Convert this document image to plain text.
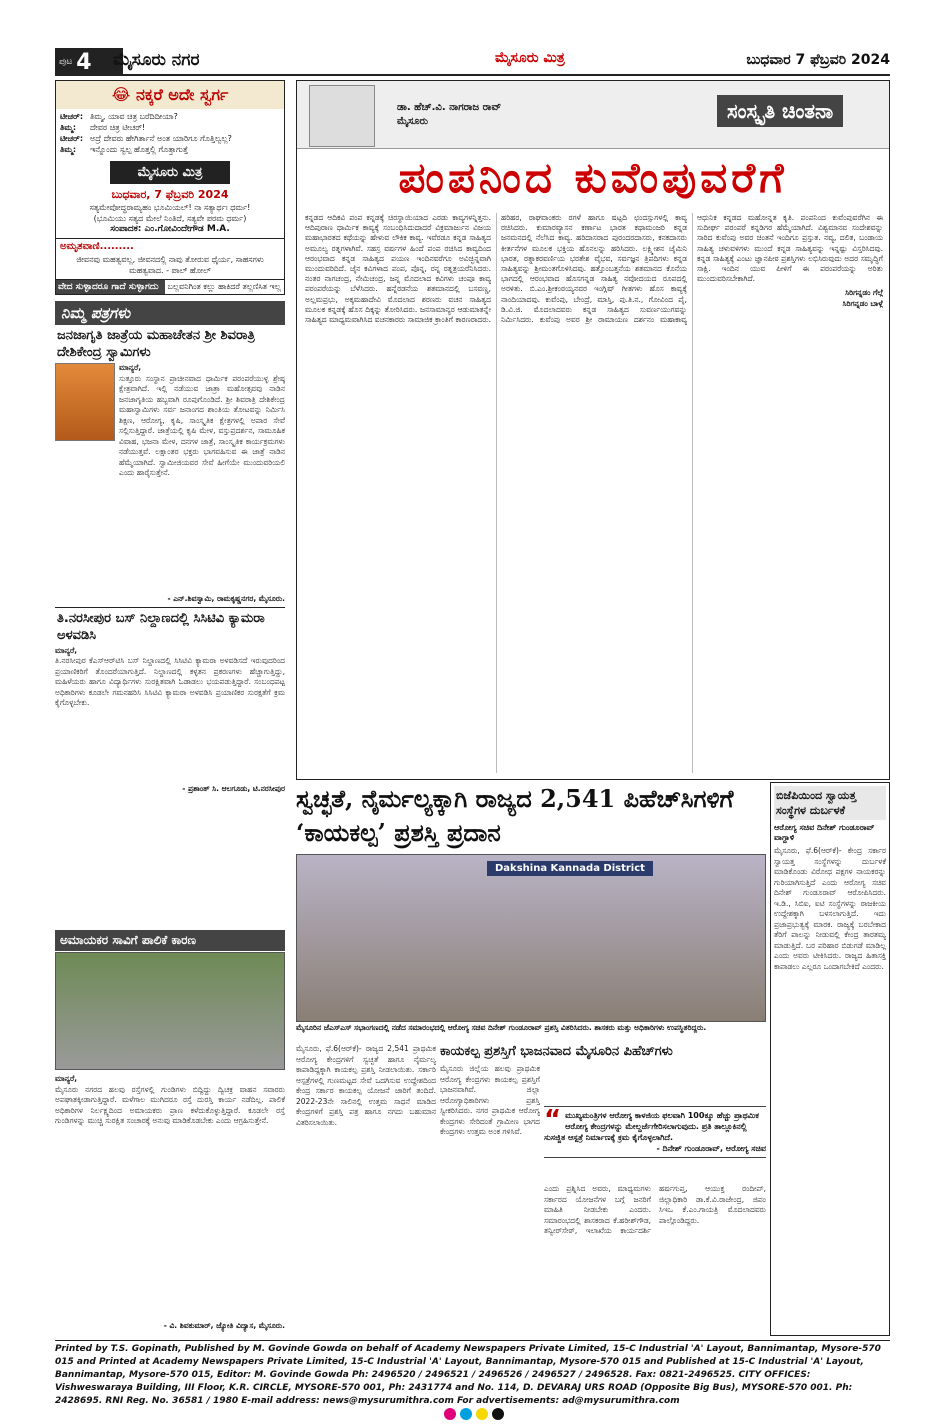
ಪುಟ 4 ಮೈಸೂರು ನಗರ	ಮೈಸೂರು ಮಿತ್ರ	ಬುಧವಾರ 7 ಫೆಬ್ರವರಿ 2024
😂 ನಕ್ಕರೆ ಅದೇ ಸ್ವರ್ಗ
ಟೀಚರ್: ತಿಮ್ಮ, ಯಾವ ಚಿತ್ರ ಬರೆದಿದೀಯಾ?
ತಿಮ್ಮ:	ದೇವರ ಚಿತ್ರ ಟೀಚರ್!
ಟೀಚರ್: ಅದ್ರೆ ದೇವರು ಹೇಗಿರ್ತಾನೆ ಅಂತ ಯಾರಿಗೂ ಗೊತ್ತಿಲ್ವಲ್ಲ?
ತಿಮ್ಮ:	ಇನ್ನೊಂದು ಸ್ವಲ್ಪ ಹೊತ್ತಲ್ಲಿ ಗೊತ್ತಾಗುತ್ತೆ
ಮೈಸೂರು ಮಿತ್ರ
ಬುಧವಾರ, 7 ಫೆಬ್ರವರಿ 2024
ಸತ್ಯಮೇವೋದ್ಧರಾಮ್ಯಹಂ ಭೂಮಿಯಲ್! ನಾ ಸತ್ಯಾರ್ಥಃ ಧರ್ಮ!
(ಭೂಮಿಯು ಸತ್ಯದ ಮೇಲೆ ನಿಂತಿದೆ, ಸತ್ಯವೇ ಪರಮ ಧರ್ಮ)
ಸಂಪಾದಕ: ಎಂ.ಗೋವಿಂದೇಗೌಡ M.A.
ಅಮೃತವಾಣಿ.........
ಜೀವನವು ಮಹತ್ವವಲ್ಲ, ಜೀವನದಲ್ಲಿ ನಾವು ತೋರುವ ಧೈರ್ಯ, ಸಾಹಸಗಳು ಮಹತ್ವವಾದ. - ಪಾಲ್ ಹೋಲ್
ವೇದ ಸುಳ್ಳಾದರೂ ಗಾದೆ ಸುಳ್ಳಾಗದು	ಬಲ್ಲವನಿಗಿಂತ ಕಲ್ಲು ಹಾಕಿದರೆ ತಲ್ಲಣಿಸಿತ ಇಲ್ಲ
ನಿಮ್ಮ ಪತ್ರಗಳು
ಜನಜಾಗೃತಿ ಜಾತ್ರೆಯ ಮಹಾಚೇತನ ಶ್ರೀ ಶಿವರಾತ್ರಿ ದೇಶಿಕೇಂದ್ರ ಸ್ವಾಮಿಗಳು
ಮಾನ್ಯರೆ,
ಸುತ್ತೂರು ಸಂಸ್ಥಾನ ಪ್ರಾಚೀನವಾದ ಧಾರ್ಮಿಕ ಪರಂಪರೆಯುಳ್ಳ ಶ್ರೇಷ್ಠ ಕ್ಷೇತ್ರವಾಗಿದೆ. ಇಲ್ಲಿ ನಡೆಯುವ ಜಾತ್ರಾ ಮಹೋತ್ಸವವು ನಾಡಿನ ಜನಜಾಗೃತಿಯ ಹಬ್ಬವಾಗಿ ರೂಪುಗೊಂಡಿದೆ. ಶ್ರೀ ಶಿವರಾತ್ರಿ ದೇಶಿಕೇಂದ್ರ ಮಹಾಸ್ವಾಮಿಗಳು ಸರ್ವ ಜನಾಂಗದ ಶಾಂತಿಯ ತೋಟವನ್ನು ನಿರ್ಮಿಸಿ ಶಿಕ್ಷಣ, ಆರೋಗ್ಯ, ಕೃಷಿ, ಸಾಂಸ್ಕೃತಿಕ ಕ್ಷೇತ್ರಗಳಲ್ಲಿ ಅಪಾರ ಸೇವೆ ಸಲ್ಲಿಸುತ್ತಿದ್ದಾರೆ. ಜಾತ್ರೆಯಲ್ಲಿ ಕೃಷಿ ಮೇಳ, ವಸ್ತುಪ್ರದರ್ಶನ, ಸಾಮೂಹಿಕ ವಿವಾಹ, ಭಜನಾ ಮೇಳ, ದನಗಳ ಜಾತ್ರೆ, ಸಾಂಸ್ಕೃತಿಕ ಕಾರ್ಯಕ್ರಮಗಳು ನಡೆಯುತ್ತವೆ. ಲಕ್ಷಾಂತರ ಭಕ್ತರು ಭಾಗವಹಿಸುವ ಈ ಜಾತ್ರೆ ನಾಡಿನ ಹೆಮ್ಮೆಯಾಗಿದೆ. ಸ್ವಾಮೀಜಿಯವರ ಸೇವೆ ಹೀಗೆಯೇ ಮುಂದುವರಿಯಲಿ ಎಂದು ಹಾರೈಸುತ್ತೇನೆ.
- ಎನ್.ಶಿವಸ್ವಾಮಿ, ರಾಮಕೃಷ್ಣನಗರ, ಮೈಸೂರು.
ತಿ.ನರಸೀಪುರ ಬಸ್ ನಿಲ್ದಾಣದಲ್ಲಿ ಸಿಸಿಟಿವಿ ಕ್ಯಾಮರಾ ಅಳವಡಿಸಿ
ಮಾನ್ಯರೆ,
ತಿ.ನರಸೀಪುರ ಕೆಎಸ್‌ಆರ್‌ಟಿಸಿ ಬಸ್ ನಿಲ್ದಾಣದಲ್ಲಿ ಸಿಸಿಟಿವಿ ಕ್ಯಾಮರಾ ಅಳವಡಿಸದೆ ಇರುವುದರಿಂದ ಪ್ರಯಾಣಿಕರಿಗೆ ತೊಂದರೆಯಾಗುತ್ತಿದೆ. ನಿಲ್ದಾಣದಲ್ಲಿ ಕಳ್ಳತನ ಪ್ರಕರಣಗಳು ಹೆಚ್ಚಾಗುತ್ತಿದ್ದು, ಮಹಿಳೆಯರು ಹಾಗೂ ವಿದ್ಯಾರ್ಥಿಗಳು ಸುರಕ್ಷಿತವಾಗಿ ಓಡಾಡಲು ಭಯಪಡುತ್ತಿದ್ದಾರೆ. ಸಂಬಂಧಪಟ್ಟ ಅಧಿಕಾರಿಗಳು ಕೂಡಲೇ ಗಮನಹರಿಸಿ ಸಿಸಿಟಿವಿ ಕ್ಯಾಮರಾ ಅಳವಡಿಸಿ ಪ್ರಯಾಣಿಕರ ಸುರಕ್ಷತೆಗೆ ಕ್ರಮ ಕೈಗೊಳ್ಳಬೇಕು.
- ಪ್ರಶಾಂತ್ ಸಿ. ಆಲಗೂಡು, ಟಿ.ನರಸೀಪುರ
ಡಾ. ಹೆಚ್.ವಿ. ನಾಗರಾಜ ರಾವ್
ಮೈಸೂರು	ಸಂಸ್ಕೃತಿ ಚಿಂತನಾ
ಪಂಪನಿಂದ ಕುವೆಂಪುವರೆಗೆ
ಕನ್ನಡದ ಆದಿಕವಿ ಪಂಪ ಕನ್ನಡಕ್ಕೆ ಚಿರಸ್ಥಾಯಿಯಾದ ಎರಡು ಕಾವ್ಯಗಳನ್ನಿತ್ತನು. ಆದಿಪುರಾಣ ಧಾರ್ಮಿಕ ಕಾವ್ಯಕ್ಕೆ ಸಂಬಂಧಿಸಿದುದಾದರೆ ವಿಕ್ರಮಾರ್ಜುನ ವಿಜಯ ಮಹಾಭಾರತದ ಕಥೆಯನ್ನು ಹೇಳುವ ಲೌಕಿಕ ಕಾವ್ಯ. ಇವೆರಡೂ ಕನ್ನಡ ಸಾಹಿತ್ಯದ ಅಮೂಲ್ಯ ರತ್ನಗಳಾಗಿವೆ. ಸಹಸ್ರ ವರ್ಷಗಳ ಹಿಂದೆ ಪಂಪ ರಚಿಸಿದ ಕಾವ್ಯದಿಂದ ಆರಂಭವಾದ ಕನ್ನಡ ಸಾಹಿತ್ಯದ ಪಯಣ ಇಂದಿನವರೆಗೂ ಅವಿಚ್ಛಿನ್ನವಾಗಿ ಮುಂದುವರಿದಿದೆ. ಜೈನ ಕವಿಗಳಾದ ಪಂಪ, ಪೊನ್ನ, ರನ್ನ ರತ್ನತ್ರಯರೆನಿಸಿದರು. ನಂತರ ನಾಗಚಂದ್ರ, ನೇಮಿಚಂದ್ರ, ಜನ್ನ ಮೊದಲಾದ ಕವಿಗಳು ಚಂಪೂ ಕಾವ್ಯ ಪರಂಪರೆಯನ್ನು ಬೆಳೆಸಿದರು. ಹನ್ನೆರಡನೆಯ ಶತಮಾನದಲ್ಲಿ ಬಸವಣ್ಣ, ಅಲ್ಲಮಪ್ರಭು, ಅಕ್ಕಮಹಾದೇವಿ ಮೊದಲಾದ ಶರಣರು ವಚನ ಸಾಹಿತ್ಯದ ಮೂಲಕ ಕನ್ನಡಕ್ಕೆ ಹೊಸ ದಿಕ್ಕನ್ನು ತೋರಿಸಿದರು. ಜನಸಾಮಾನ್ಯರ ಆಡುಮಾತನ್ನೇ ಸಾಹಿತ್ಯದ ಮಾಧ್ಯಮವಾಗಿಸಿದ ವಚನಕಾರರು ಸಾಮಾಜಿಕ ಕ್ರಾಂತಿಗೆ ಕಾರಣರಾದರು. ಹರಿಹರ, ರಾಘವಾಂಕರು ರಗಳೆ ಹಾಗೂ ಷಟ್ಪದಿ ಛಂದಸ್ಸುಗಳಲ್ಲಿ ಕಾವ್ಯ ರಚಿಸಿದರು. ಕುಮಾರವ್ಯಾಸನ ಕರ್ಣಾಟ ಭಾರತ ಕಥಾಮಂಜರಿ ಕನ್ನಡ ಜನಮನದಲ್ಲಿ ನೆಲೆಸಿದ ಕಾವ್ಯ. ಹರಿದಾಸರಾದ ಪುರಂದರದಾಸರು, ಕನಕದಾಸರು ಕೀರ್ತನೆಗಳ ಮೂಲಕ ಭಕ್ತಿಯ ಹೊನಲನ್ನು ಹರಿಸಿದರು. ಲಕ್ಷ್ಮೀಶನ ಜೈಮಿನಿ ಭಾರತ, ರತ್ನಾಕರವರ್ಣಿಯ ಭರತೇಶ ವೈಭವ, ಸರ್ವಜ್ಞನ ತ್ರಿಪದಿಗಳು ಕನ್ನಡ ಸಾಹಿತ್ಯವನ್ನು ಶ್ರೀಮಂತಗೊಳಿಸಿದವು. ಹತ್ತೊಂಬತ್ತನೆಯ ಶತಮಾನದ ಕೊನೆಯ ಭಾಗದಲ್ಲಿ ಆರಂಭವಾದ ಹೊಸಗನ್ನಡ ಸಾಹಿತ್ಯ ನವೋದಯದ ರೂಪದಲ್ಲಿ ಅರಳಿತು. ಬಿ.ಎಂ.ಶ್ರೀಕಂಠಯ್ಯನವರ ಇಂಗ್ಲಿಷ್ ಗೀತಗಳು ಹೊಸ ಕಾವ್ಯಕ್ಕೆ ನಾಂದಿಯಾದವು. ಕುವೆಂಪು, ಬೇಂದ್ರೆ, ಮಾಸ್ತಿ, ಪು.ತಿ.ನ., ಗೋವಿಂದ ಪೈ, ಡಿ.ವಿ.ಜಿ. ಮೊದಲಾದವರು ಕನ್ನಡ ಸಾಹಿತ್ಯದ ಸುವರ್ಣಯುಗವನ್ನು ನಿರ್ಮಿಸಿದರು. ಕುವೆಂಪು ಅವರ ಶ್ರೀ ರಾಮಾಯಣ ದರ್ಶನಂ ಮಹಾಕಾವ್ಯ ಆಧುನಿಕ ಕನ್ನಡದ ಮಹೋನ್ನತ ಕೃತಿ. ಪಂಪನಿಂದ ಕುವೆಂಪುವರೆಗಿನ ಈ ಸುದೀರ್ಘ ಪರಂಪರೆ ಕನ್ನಡಿಗರ ಹೆಮ್ಮೆಯಾಗಿದೆ. ವಿಶ್ವಮಾನವ ಸಂದೇಶವನ್ನು ಸಾರಿದ ಕುವೆಂಪು ಅವರ ಚಿಂತನೆ ಇಂದಿಗೂ ಪ್ರಸ್ತುತ. ನವ್ಯ, ದಲಿತ, ಬಂಡಾಯ ಸಾಹಿತ್ಯ ಚಳುವಳಿಗಳು ಮುಂದೆ ಕನ್ನಡ ಸಾಹಿತ್ಯವನ್ನು ಇನ್ನಷ್ಟು ವಿಸ್ತರಿಸಿದವು. ಕನ್ನಡ ಸಾಹಿತ್ಯಕ್ಕೆ ಎಂಟು ಜ್ಞಾನಪೀಠ ಪ್ರಶಸ್ತಿಗಳು ಲಭಿಸಿರುವುದು ಅದರ ಸಮೃದ್ಧಿಗೆ ಸಾಕ್ಷಿ. ಇಂದಿನ ಯುವ ಪೀಳಿಗೆ ಈ ಪರಂಪರೆಯನ್ನು ಅರಿತು ಮುಂದುವರಿಸಬೇಕಾಗಿದೆ.
ಸಿರಿಗನ್ನಡಂ ಗೆಲ್ಗೆ
ಸಿರಿಗನ್ನಡಂ ಬಾಳ್ಗೆ
ಸ್ವಚ್ಛತೆ, ನೈರ್ಮಲ್ಯಕ್ಕಾಗಿ ರಾಜ್ಯದ 2,541 ಪಿಹೆಚ್‌ಸಿಗಳಿಗೆ ‘ಕಾಯಕಲ್ಪ’ ಪ್ರಶಸ್ತಿ ಪ್ರದಾನ
Dakshina Kannada District
ಮೈಸೂರಿನ ಜೆಎಸ್‌ಎಸ್ ಸಭಾಂಗಣದಲ್ಲಿ ನಡೆದ ಸಮಾರಂಭದಲ್ಲಿ ಆರೋಗ್ಯ ಸಚಿವ ದಿನೇಶ್ ಗುಂಡೂರಾವ್ ಪ್ರಶಸ್ತಿ ವಿತರಿಸಿದರು. ಶಾಸಕರು ಮತ್ತು ಅಧಿಕಾರಿಗಳು ಉಪಸ್ಥಿತರಿದ್ದರು.
ಬಿಜೆಪಿಯಿಂದ ಸ್ವಾಯತ್ತ ಸಂಸ್ಥೆಗಳ ದುರ್ಬಳಕೆ
ಆರೋಗ್ಯ ಸಚಿವ ದಿನೇಶ್ ಗುಂಡೂರಾವ್ ವಾಗ್ದಾಳಿ
ಮೈಸೂರು, ಫೆ.6(ಆರ್‌ಕೆ)- ಕೇಂದ್ರ ಸರ್ಕಾರ ಸ್ವಾಯತ್ತ ಸಂಸ್ಥೆಗಳನ್ನು ದುರ್ಬಳಕೆ ಮಾಡಿಕೊಂಡು ವಿರೋಧ ಪಕ್ಷಗಳ ನಾಯಕರನ್ನು ಗುರಿಯಾಗಿಸುತ್ತಿದೆ ಎಂದು ಆರೋಗ್ಯ ಸಚಿವ ದಿನೇಶ್ ಗುಂಡೂರಾವ್ ಆರೋಪಿಸಿದರು. ಇ.ಡಿ., ಸಿಬಿಐ, ಐಟಿ ಸಂಸ್ಥೆಗಳನ್ನು ರಾಜಕೀಯ ಉದ್ದೇಶಕ್ಕಾಗಿ ಬಳಸಲಾಗುತ್ತಿದೆ. ಇದು ಪ್ರಜಾಪ್ರಭುತ್ವಕ್ಕೆ ಮಾರಕ. ರಾಜ್ಯಕ್ಕೆ ಬರಬೇಕಾದ ತೆರಿಗೆ ಪಾಲನ್ನು ನೀಡುವಲ್ಲಿ ಕೇಂದ್ರ ತಾರತಮ್ಯ ಮಾಡುತ್ತಿದೆ. ಬರ ಪರಿಹಾರ ಬಿಡುಗಡೆ ಮಾಡಿಲ್ಲ ಎಂದು ಅವರು ಟೀಕಿಸಿದರು. ರಾಜ್ಯದ ಹಿತಾಸಕ್ತಿ ಕಾಪಾಡಲು ಎಲ್ಲರೂ ಒಂದಾಗಬೇಕಿದೆ ಎಂದರು.
ಅಮಾಯಕರ ಸಾವಿಗೆ ಪಾಲಿಕೆ ಕಾರಣ
ಮಾನ್ಯರೆ,
ಮೈಸೂರು ನಗರದ ಹಲವು ರಸ್ತೆಗಳಲ್ಲಿ ಗುಂಡಿಗಳು ಬಿದ್ದಿದ್ದು ದ್ವಿಚಕ್ರ ವಾಹನ ಸವಾರರು ಅಪಘಾತಕ್ಕೀಡಾಗುತ್ತಿದ್ದಾರೆ. ಮಳೆಗಾಲ ಮುಗಿದರೂ ರಸ್ತೆ ದುರಸ್ತಿ ಕಾರ್ಯ ನಡೆದಿಲ್ಲ. ಪಾಲಿಕೆ ಅಧಿಕಾರಿಗಳ ನಿರ್ಲಕ್ಷ್ಯದಿಂದ ಅಮಾಯಕರು ಪ್ರಾಣ ಕಳೆದುಕೊಳ್ಳುತ್ತಿದ್ದಾರೆ. ಕೂಡಲೇ ರಸ್ತೆ ಗುಂಡಿಗಳನ್ನು ಮುಚ್ಚಿ ಸುರಕ್ಷಿತ ಸಂಚಾರಕ್ಕೆ ಅನುವು ಮಾಡಿಕೊಡಬೇಕು ಎಂದು ಆಗ್ರಹಿಸುತ್ತೇನೆ.
- ವಿ. ಶಿವಕುಮಾರ್, ಜ್ಯೋತಿ ವಿದ್ಯಾಸ, ಮೈಸೂರು.
ಮೈಸೂರು, ಫೆ.6(ಆರ್‌ಕೆ)- ರಾಜ್ಯದ 2,541 ಪ್ರಾಥಮಿಕ ಆರೋಗ್ಯ ಕೇಂದ್ರಗಳಿಗೆ ಸ್ವಚ್ಛತೆ ಹಾಗೂ ನೈರ್ಮಲ್ಯ ಕಾಪಾಡಿದ್ದಕ್ಕಾಗಿ ಕಾಯಕಲ್ಪ ಪ್ರಶಸ್ತಿ ನೀಡಲಾಯಿತು. ಸರ್ಕಾರಿ ಆಸ್ಪತ್ರೆಗಳಲ್ಲಿ ಗುಣಮಟ್ಟದ ಸೇವೆ ಒದಗಿಸುವ ಉದ್ದೇಶದಿಂದ ಕೇಂದ್ರ ಸರ್ಕಾರ ಕಾಯಕಲ್ಪ ಯೋಜನೆ ಜಾರಿಗೆ ತಂದಿದೆ. 2022-23ನೇ ಸಾಲಿನಲ್ಲಿ ಉತ್ತಮ ಸಾಧನೆ ಮಾಡಿದ ಕೇಂದ್ರಗಳಿಗೆ ಪ್ರಶಸ್ತಿ ಪತ್ರ ಹಾಗೂ ನಗದು ಬಹುಮಾನ ವಿತರಿಸಲಾಯಿತು.
ಕಾಯಕಲ್ಪ ಪ್ರಶಸ್ತಿಗೆ ಭಾಜನವಾದ ಮೈಸೂರಿನ ಪಿಹೆಚ್‌ಗಳು
ಮೈಸೂರು ಜಿಲ್ಲೆಯ ಹಲವು ಪ್ರಾಥಮಿಕ ಆರೋಗ್ಯ ಕೇಂದ್ರಗಳು ಕಾಯಕಲ್ಪ ಪ್ರಶಸ್ತಿಗೆ ಭಾಜನವಾಗಿವೆ. ಜಿಲ್ಲಾ ಆರೋಗ್ಯಾಧಿಕಾರಿಗಳು ಪ್ರಶಸ್ತಿ ಸ್ವೀಕರಿಸಿದರು. ನಗರ ಪ್ರಾಥಮಿಕ ಆರೋಗ್ಯ ಕೇಂದ್ರಗಳು ಸೇರಿದಂತೆ ಗ್ರಾಮೀಣ ಭಾಗದ ಕೇಂದ್ರಗಳು ಉತ್ತಮ ಅಂಕ ಗಳಿಸಿವೆ. “ ಮುಖ್ಯಮಂತ್ರಿಗಳ ಆರೋಗ್ಯ ಕಾಳಜಿಯ ಫಲವಾಗಿ 100ಕ್ಕೂ ಹೆಚ್ಚು ಪ್ರಾಥಮಿಕ ಆರೋಗ್ಯ ಕೇಂದ್ರಗಳನ್ನು ಮೇಲ್ದರ್ಜೆಗೇರಿಸಲಾಗುವುದು. ಪ್ರತಿ ತಾಲ್ಲೂಕಿನಲ್ಲಿ ಸುಸಜ್ಜಿತ ಆಸ್ಪತ್ರೆ ನಿರ್ಮಾಣಕ್ಕೆ ಕ್ರಮ ಕೈಗೊಳ್ಳಲಾಗಿದೆ.
- ದಿನೇಶ್ ಗುಂಡೂರಾವ್, ಆರೋಗ್ಯ ಸಚಿವ
ಎಂದು ಪ್ರಶ್ನಿಸಿದ ಅವರು, ಮಾಧ್ಯಮಗಳು ಸರ್ಕಾರದ ಯೋಜನೆಗಳ ಬಗ್ಗೆ ಜನರಿಗೆ ಮಾಹಿತಿ ನೀಡಬೇಕು ಎಂದರು. ಸಮಾರಂಭದಲ್ಲಿ ಶಾಸಕರಾದ ಕೆ.ಹರೀಶ್‌ಗೌಡ, ತನ್ವೀರ್‌ಸೇಠ್, ಇಲಾಖೆಯ ಕಾರ್ಯದರ್ಶಿ ಹರ್ಷಗುಪ್ತ, ಆಯುಕ್ತ ರಂದೀಪ್, ಜಿಲ್ಲಾಧಿಕಾರಿ ಡಾ.ಕೆ.ವಿ.ರಾಜೇಂದ್ರ, ಜಿಪಂ ಸಿಇಒ ಕೆ.ಎಂ.ಗಾಯತ್ರಿ ಮೊದಲಾದವರು ಪಾಲ್ಗೊಂಡಿದ್ದರು.
Printed by T.S. Gopinath, Published by M. Govinde Gowda on behalf of Academy Newspapers Private Limited, 15-C Industrial 'A' Layout, Bannimantap, Mysore-570 015 and Printed at Academy Newspapers Private Limited, 15-C Industrial 'A' Layout, Bannimantap, Mysore-570 015 and Published at 15-C Industrial 'A' Layout, Bannimantap, Mysore-570 015, Editor: M. Govinde Gowda Ph: 2496520 / 2496521 / 2496526 / 2496527 / 2496528. Fax: 0821-2496525. CITY OFFICES: Vishweswaraya Building, III Floor, K.R. CIRCLE, MYSORE-570 001, Ph: 2431774 and No. 114, D. DEVARAJ URS ROAD (Opposite Big Bus), MYSORE-570 001. Ph: 2428695. RNI Reg. No. 36581 / 1980 E-mail address: news@mysurumithra.com For advertisements: ad@mysurumithra.com
